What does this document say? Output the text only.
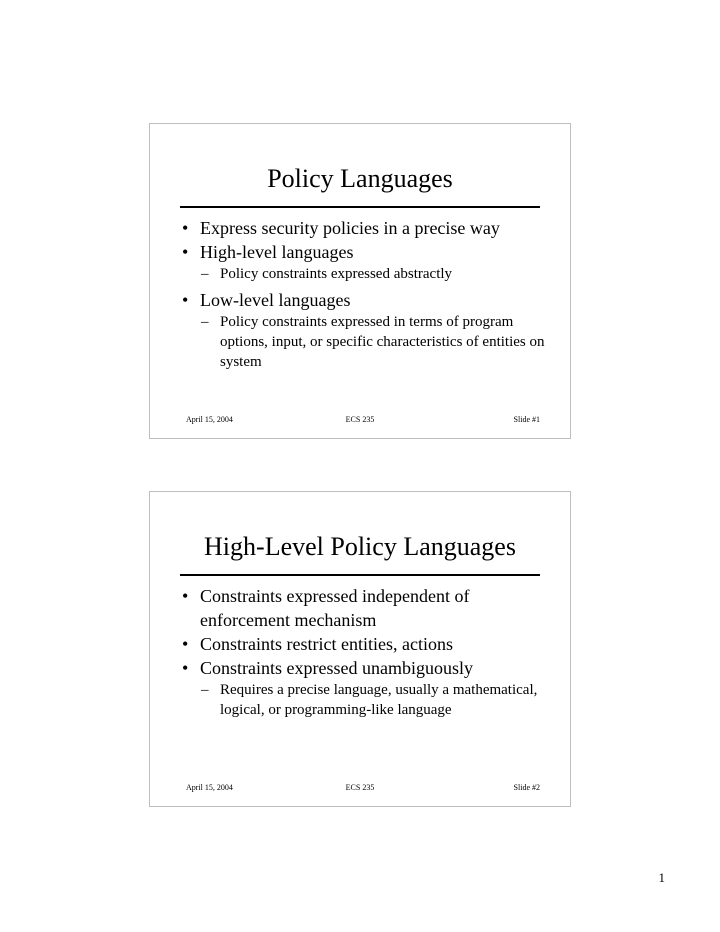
Policy Languages
• Express security policies in a precise way
• High-level languages
– Policy constraints expressed abstractly
• Low-level languages
– Policy constraints expressed in terms of program options, input, or specific characteristics of entities on system
April 15, 2004	ECS 235	Slide #1
High-Level Policy Languages
• Constraints expressed independent of enforcement mechanism
• Constraints restrict entities, actions
• Constraints expressed unambiguously
– Requires a precise language, usually a mathematical, logical, or programming-like language
April 15, 2004	ECS 235	Slide #2
1
